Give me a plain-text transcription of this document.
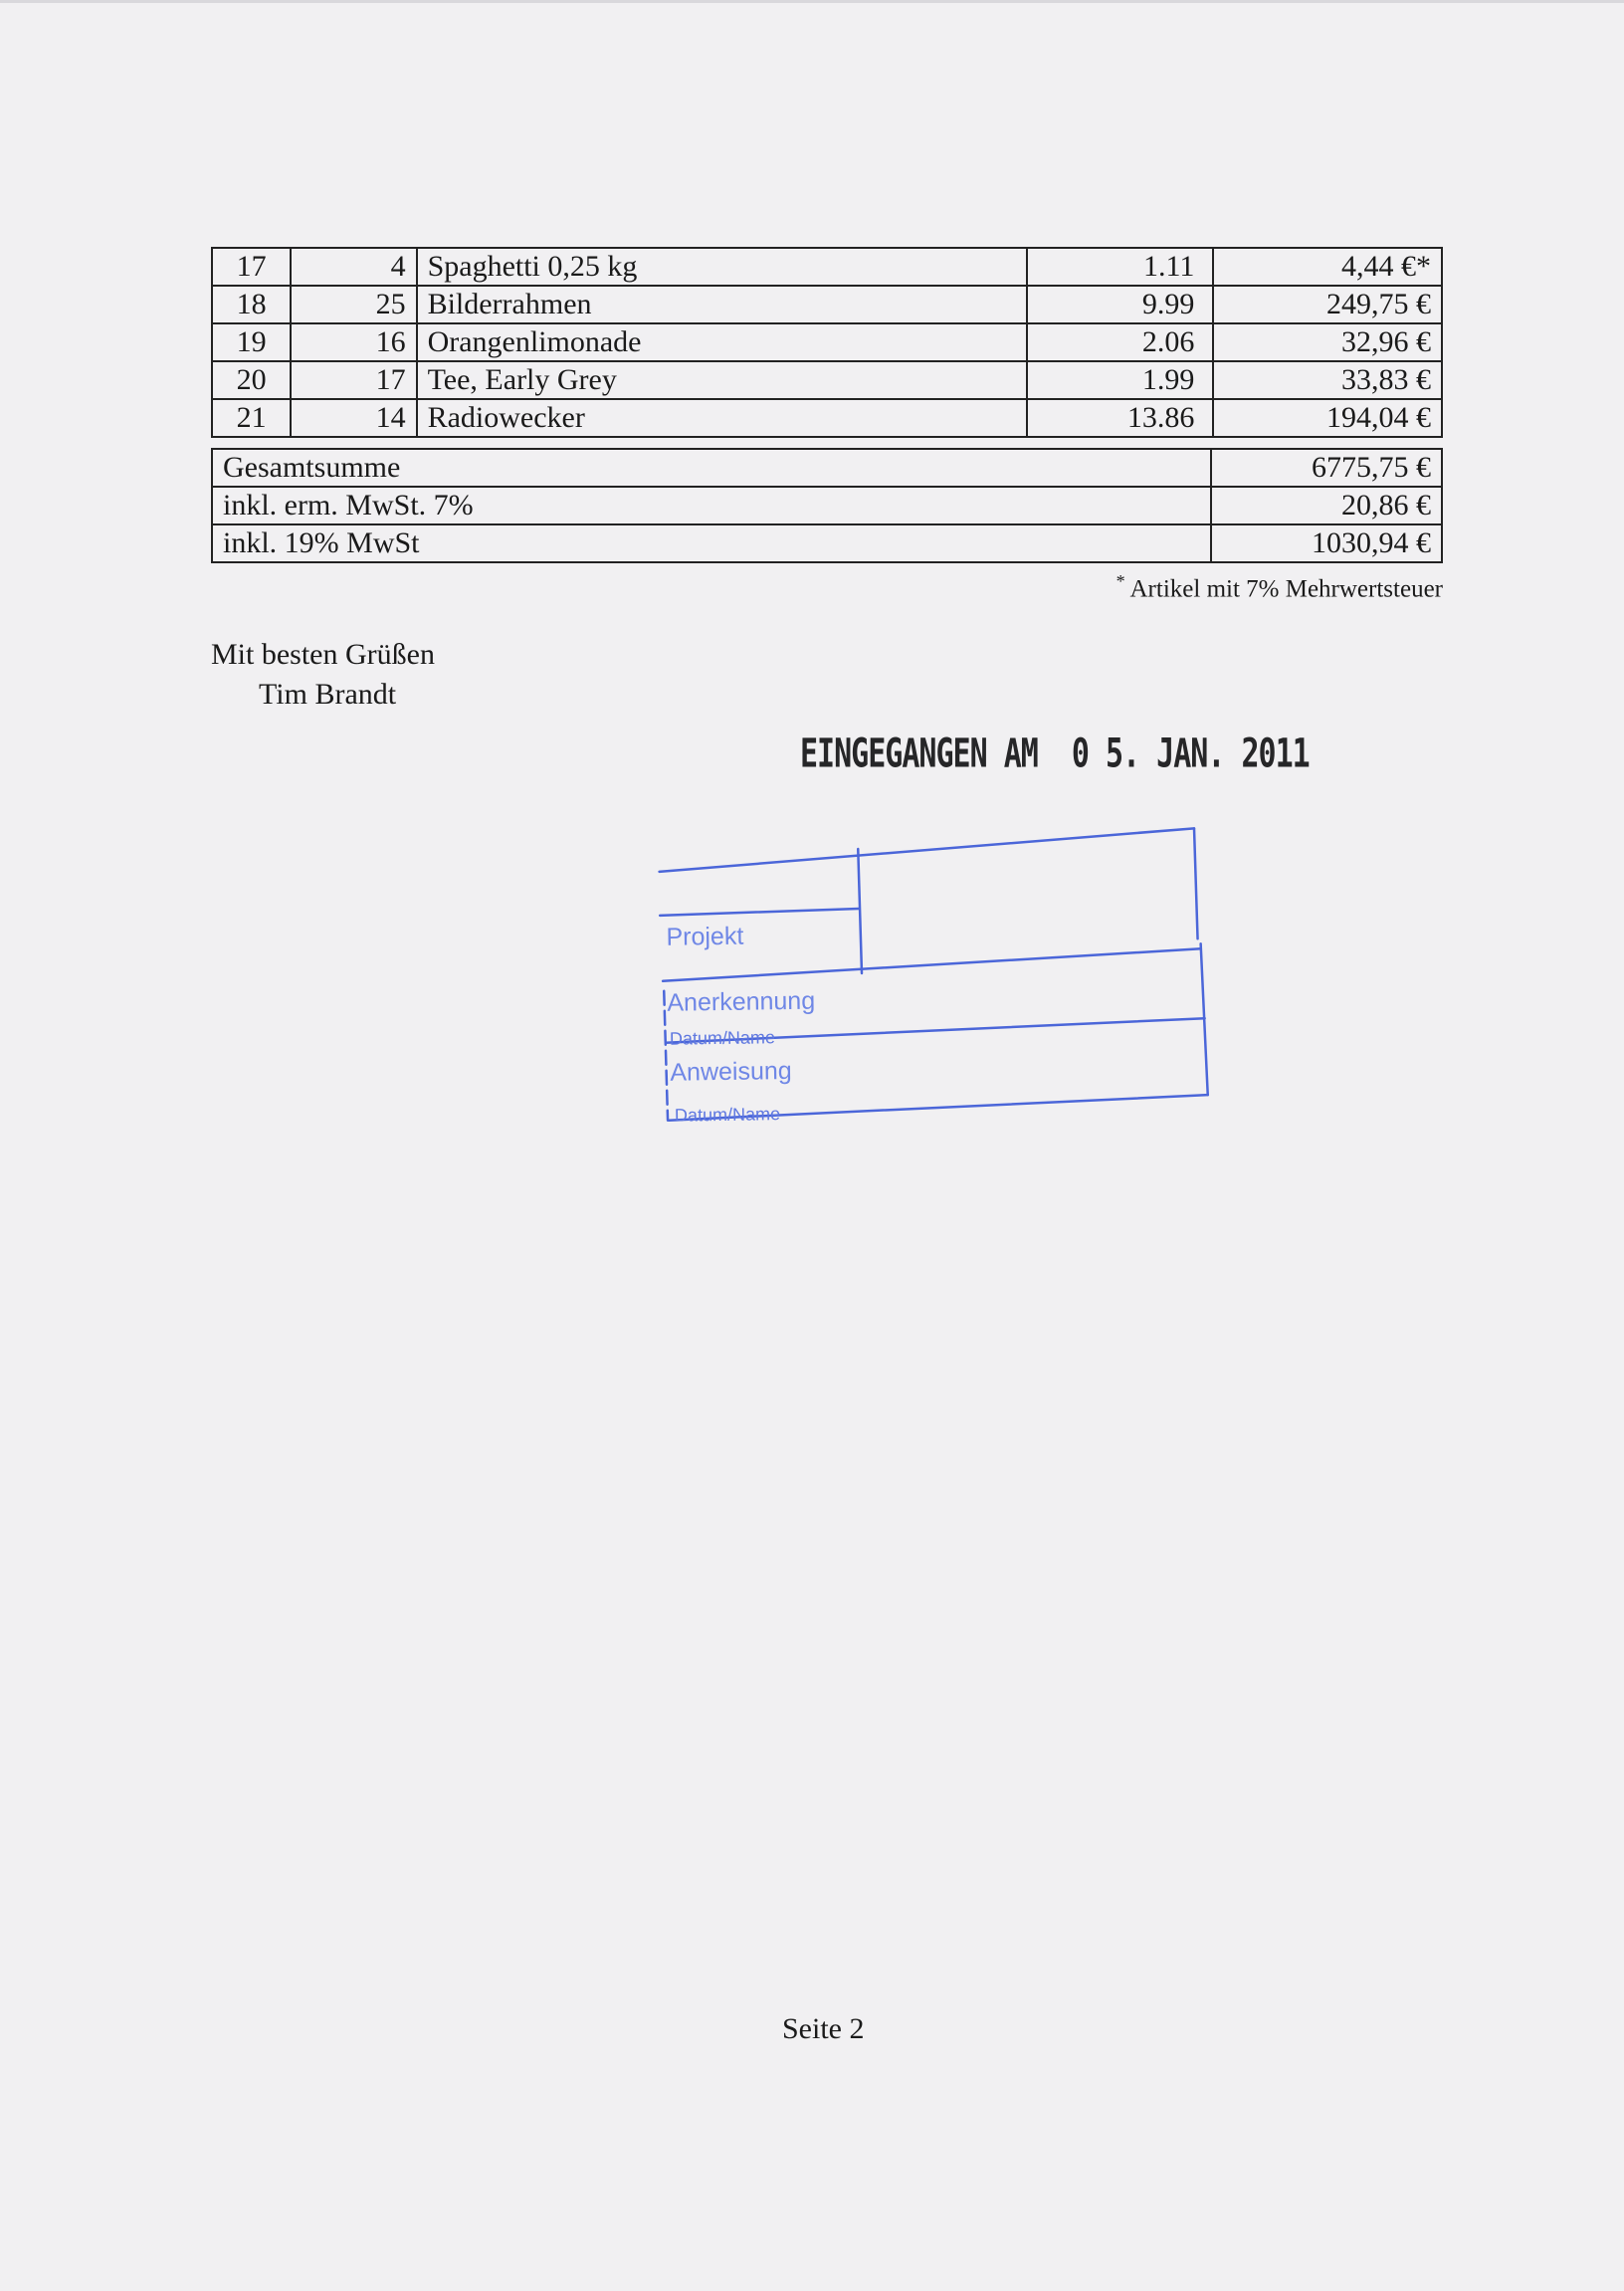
17	4	Spaghetti 0,25 kg	1.11	4,44 €*
18	25	Bilderrahmen	9.99	249,75 €
19	16	Orangenlimonade	2.06	32,96 €
20	17	Tee, Early Grey	1.99	33,83 €
21	14	Radiowecker	13.86	194,04 €
Gesamtsumme	6775,75 €
inkl. erm. MwSt. 7%	20,86 €
inkl. 19% MwSt	1030,94 €
* Artikel mit 7% Mehrwertsteuer
Mit besten Grüßen
Tim Brandt
EINGEGANGEN AM 0 5. JAN. 2011
Projekt
Anerkennung
Datum/Name
Anweisung
Datum/Name
Seite 2
